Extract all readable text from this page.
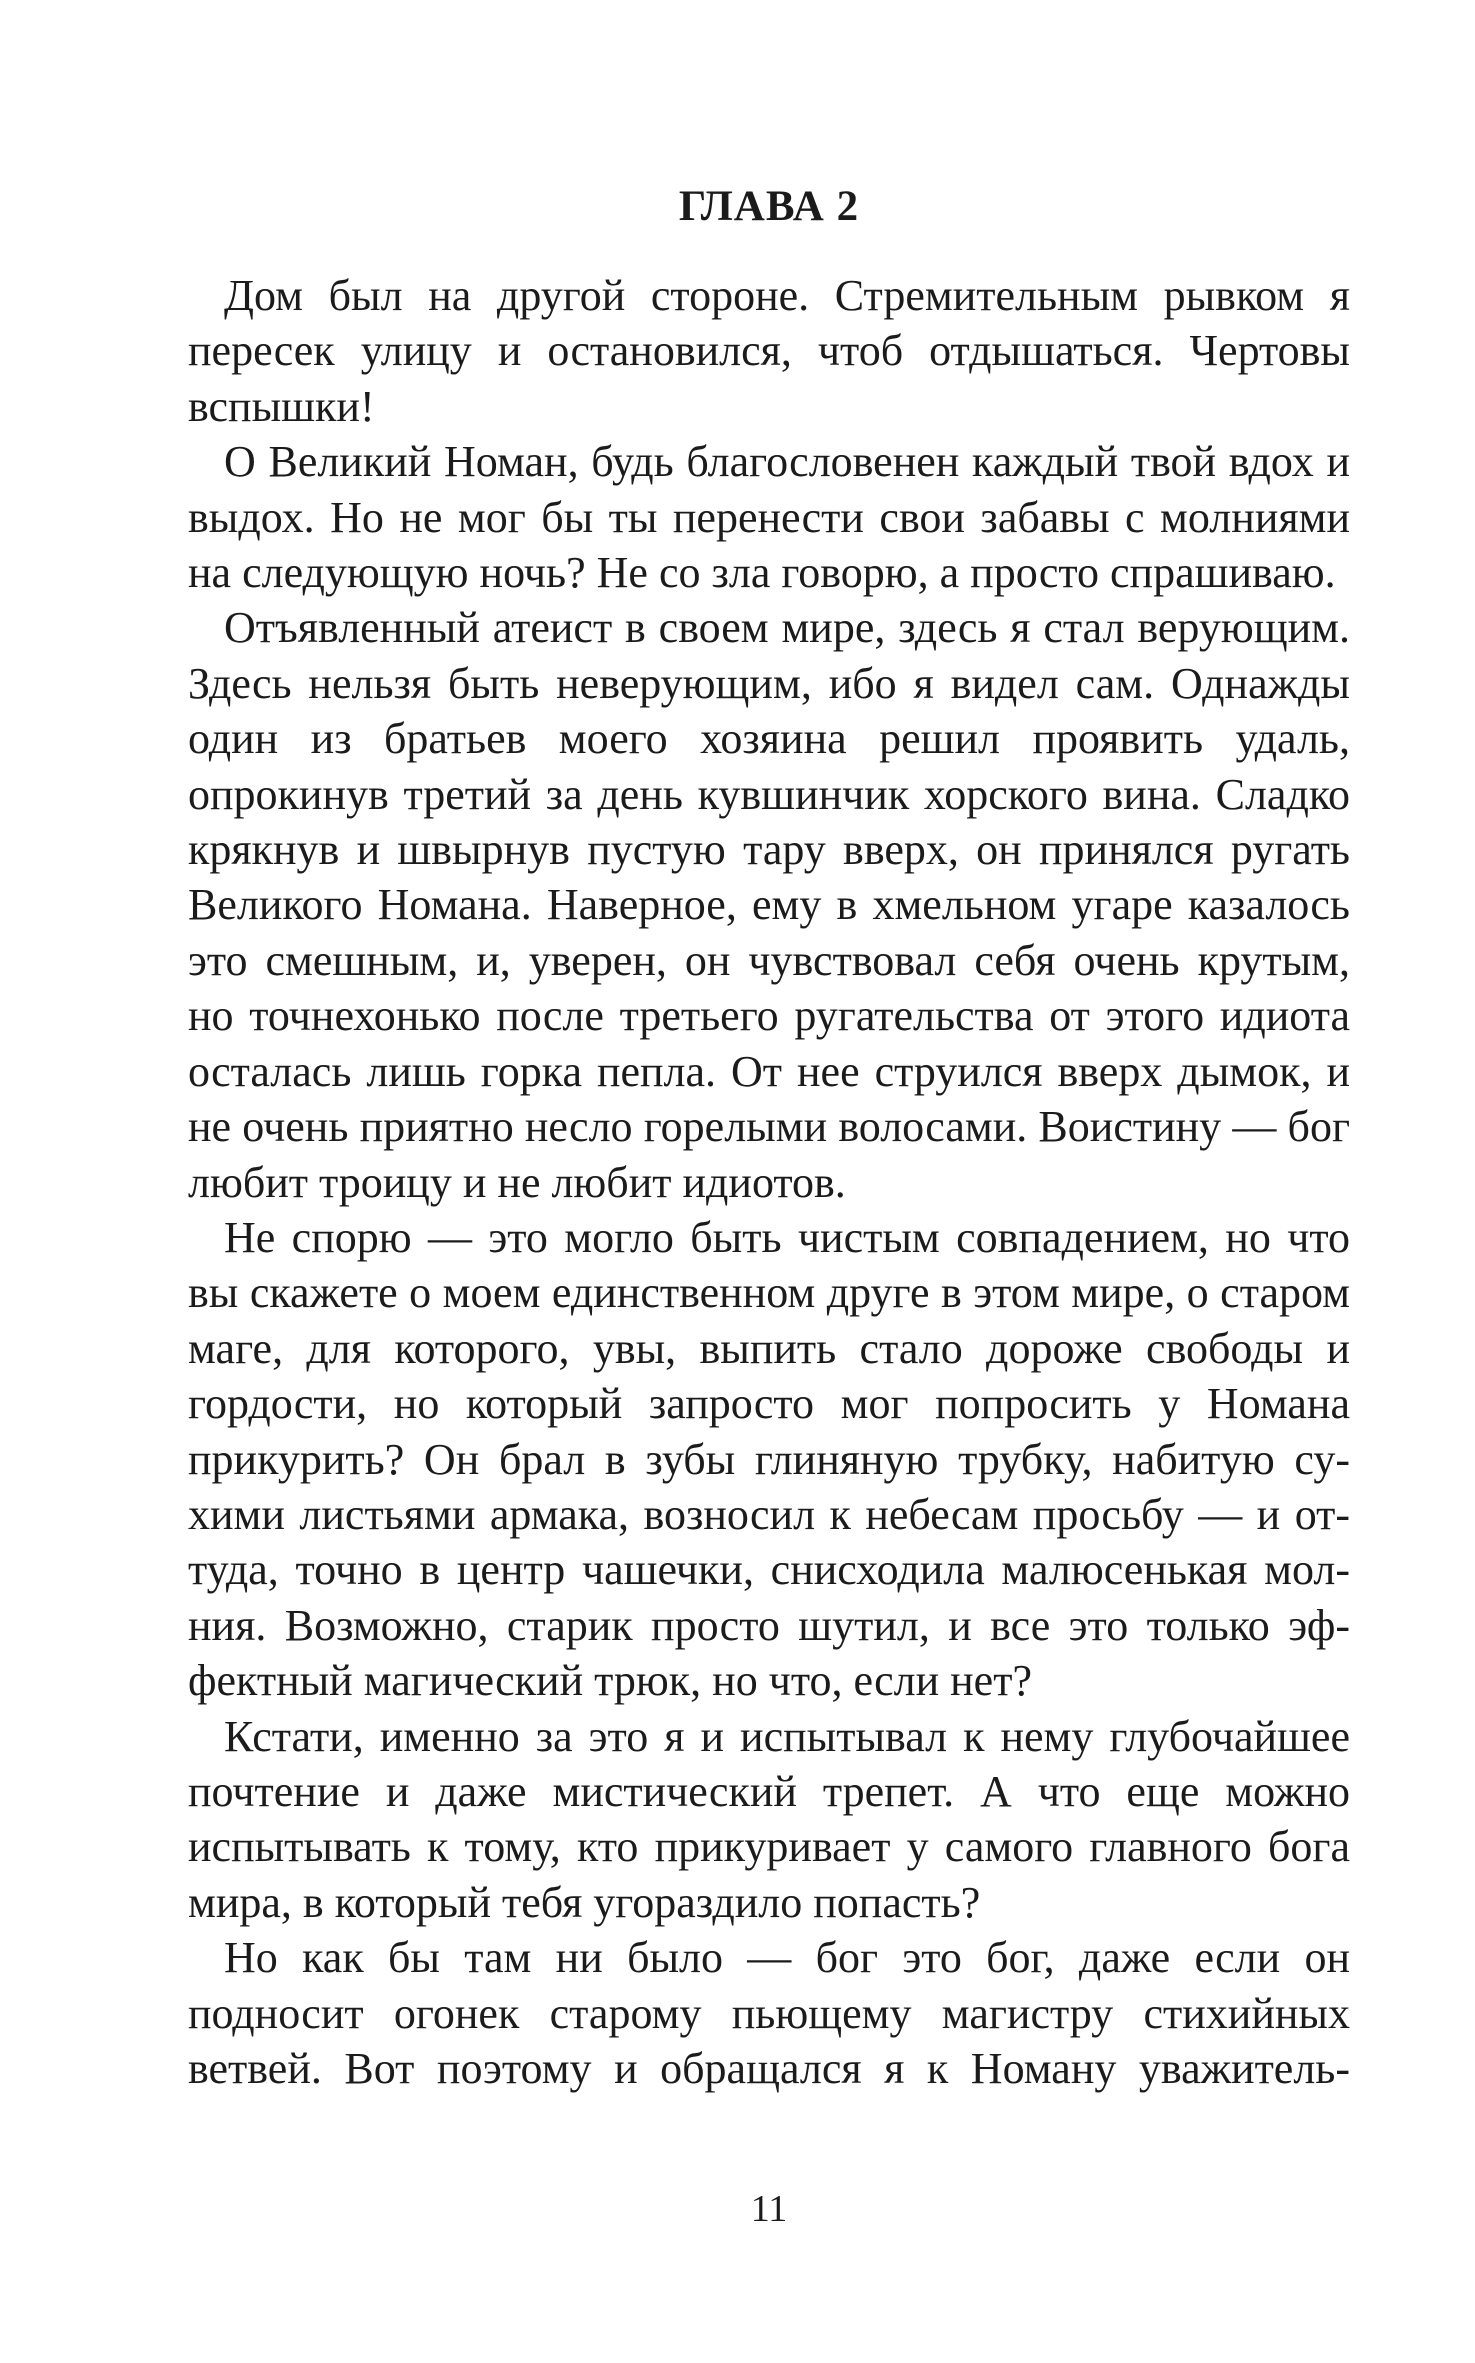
ГЛАВА 2

Дом был на другой стороне. Стремительным рывком я пересек улицу и остановился, чтоб отдышаться. Чертовы вспышки!

О Великий Номан, будь благословенен каждый твой вдох и выдох. Но не мог бы ты перенести свои забавы с молниями на следующую ночь? Не со зла говорю, а просто спрашиваю.

Отъявленный атеист в своем мире, здесь я стал верующим. Здесь нельзя быть неверующим, ибо я видел сам. Однажды один из братьев моего хозяина решил проявить удаль, опрокинув третий за день кувшинчик хорского вина. Сладко крякнув и швырнув пустую тару вверх, он принялся ругать Великого Номана. Наверное, ему в хмельном угаре казалось это смешным, и, уверен, он чувствовал себя очень крутым, но точнехонько после третьего ругательства от этого идиота осталась лишь горка пепла. От нее струился вверх дымок, и не очень приятно несло горелыми волосами. Воистину — бог любит троицу и не любит идиотов.

Не спорю — это могло быть чистым совпадением, но что вы скажете о моем единственном друге в этом мире, о старом маге, для которого, увы, выпить стало дороже свободы и гордости, но который запросто мог попросить у Номана прикурить? Он брал в зубы глиняную трубку, набитую сухими листьями армака, возносил к небесам просьбу — и оттуда, точно в центр чашечки, снисходила малюсенькая молния. Возможно, старик просто шутил, и все это только эффектный магический трюк, но что, если нет?

Кстати, именно за это я и испытывал к нему глубочайшее почтение и даже мистический трепет. А что еще можно испытывать к тому, кто прикуривает у самого главного бога мира, в который тебя угораздило попасть?

Но как бы там ни было — бог это бог, даже если он подносит огонек старому пьющему магистру стихийных ветвей. Вот поэтому и обращался я к Номану уважитель-

11
